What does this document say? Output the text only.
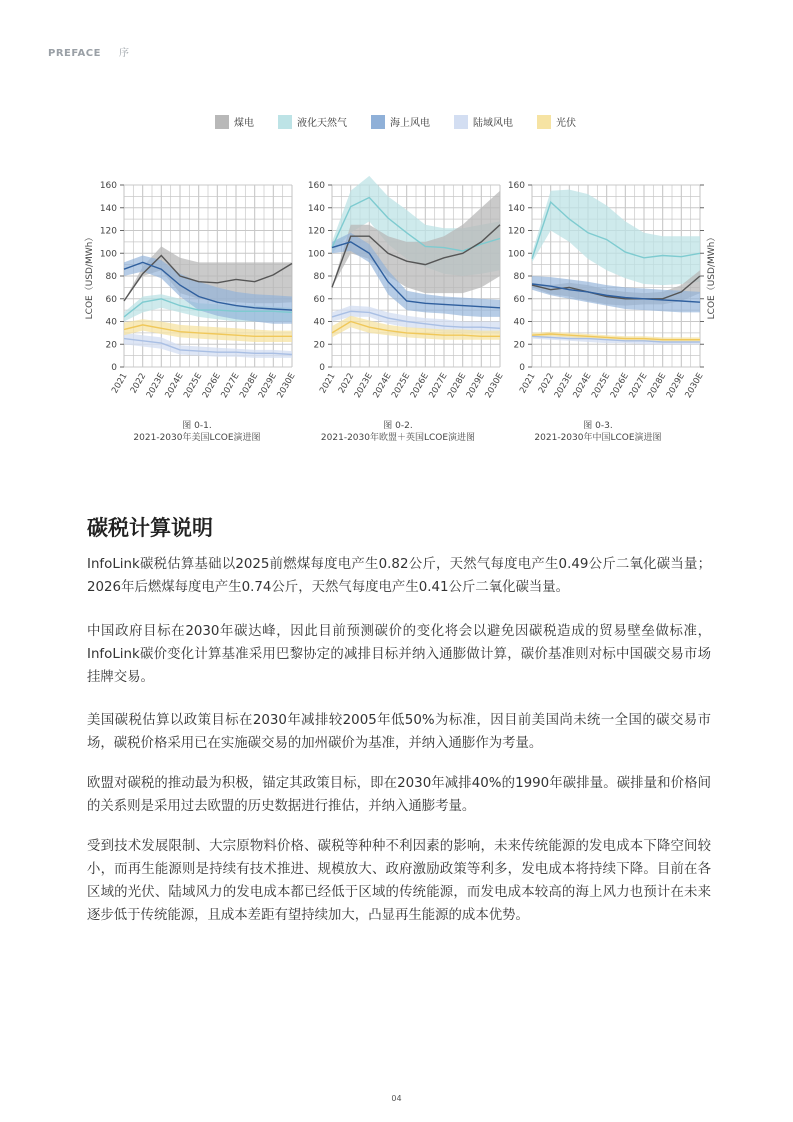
PREFACE 序
煤电	液化天然气	海上风电	陆域风电	光伏
0
20
40
60
80
100
120
140
160
LCOE（USD/MWh）
2021 2022
2023E
2024E
2025E
2026E
2027E
2028E
2029E
2030E
0
20
40
60
80
100
120
140
160
2021 2022
2023E
2024E
2025E
2026E
2027E
2028E
2029E
2030E
0
20
40
60
80
100
120
140
160
LCOE（USD/MWh）
2021 2022
2023E
2024E
2025E
2026E
2027E
2028E
2029E
2030E
图 0-1.
2021-2030年美国LCOE演进图
图 0-2.
2021-2030年欧盟＋英国LCOE演进图
图 0-3.
2021-2030年中国LCOE演进图
碳税计算说明

InfoLink碳税估算基础以2025前燃煤每度电产生0.82公斤，天然气每度电产生0.49公斤二氧化碳当量；2026年后燃煤每度电产生0.74公斤，天然气每度电产生0.41公斤二氧化碳当量。

中国政府目标在2030年碳达峰，因此目前预测碳价的变化将会以避免因碳税造成的贸易壁垒做标准，InfoLink碳价变化计算基准采用巴黎协定的减排目标并纳入通膨做计算，碳价基准则对标中国碳交易市场挂牌交易。

美国碳税估算以政策目标在2030年减排较2005年低50%为标准，因目前美国尚未统一全国的碳交易市场，碳税价格采用已在实施碳交易的加州碳价为基准，并纳入通膨作为考量。

欧盟对碳税的推动最为积极，锚定其政策目标，即在2030年减排40%的1990年碳排量。碳排量和价格间的关系则是采用过去欧盟的历史数据进行推估，并纳入通膨考量。

受到技术发展限制、大宗原物料价格、碳税等种种不利因素的影响，未来传统能源的发电成本下降空间较小，而再生能源则是持续有技术推进、规模放大、政府激励政策等利多，发电成本将持续下降。目前在各区域的光伏、陆域风力的发电成本都已经低于区域的传统能源，而发电成本较高的海上风力也预计在未来逐步低于传统能源，且成本差距有望持续加大，凸显再生能源的成本优势。

04
